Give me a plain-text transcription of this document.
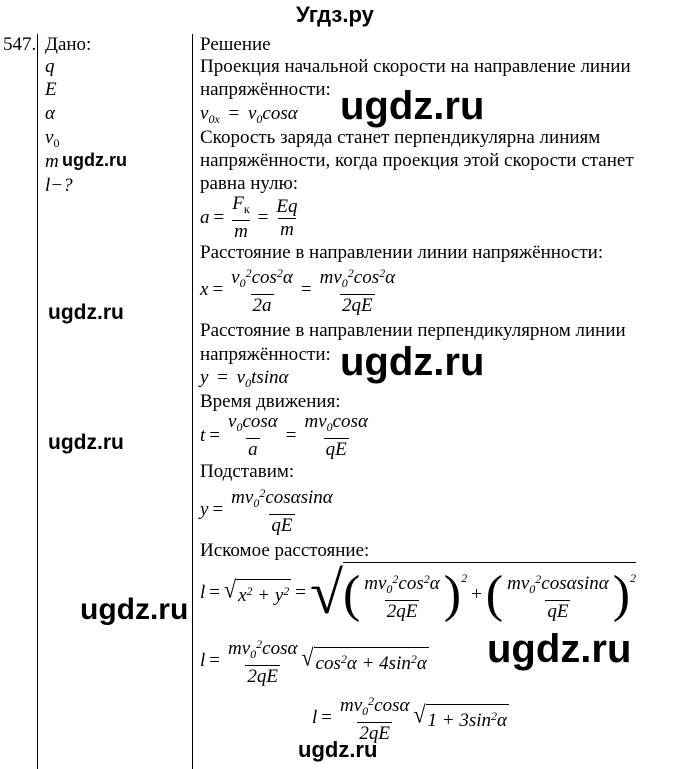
Угдз.ру
547. Дано:
q
E
α
$v_0$
m
l−?
Решение
Проекция начальной скорости на направление линии
напряжённости:
$v_{0x} = v_0\cos\alpha$
Скорость заряда станет перпендикулярна линиям
напряжённости, когда проекция этой скорости станет
равна нулю:
$a = \frac{F_к}{m} = \frac{Eq}{m}$
Расстояние в направлении линии напряжённости:
$x = \frac{v_0^2\cos^2\alpha}{2a} = \frac{mv_0^2\cos^2\alpha}{2qE}$
Расстояние в направлении перпендикулярном линии
напряжённости:
$y = v_0tsin\alpha$
Время движения:
$t = \frac{v_0\cos\alpha}{a} = \frac{mv_0\cos\alpha}{qE}$
Подставим:
$y = \frac{mv_0^2\cos\alpha\sin\alpha}{qE}$
Искомое расстояние:
l = √ $x^2 + y^2$ = √ ( $\frac{mv_0^2\cos^2\alpha}{2qE} )^2$
+ ( $\frac{mv_0^2\cos\alpha\sin\alpha}{qE} )^2$
$l = \frac{mv_0^2\cos\alpha}{2qE}$ √ $\cos^2\alpha + 4\sin^2\alpha$
$l = \frac{mv_0^2\cos\alpha}{2qE}$ √ $1 + 3\sin^2\alpha$
ugdz.ru
ugdz.ru
ugdz.ru
ugdz.ru
ugdz.ru
ugdz.ru
ugdz.ru
ugdz.ru
